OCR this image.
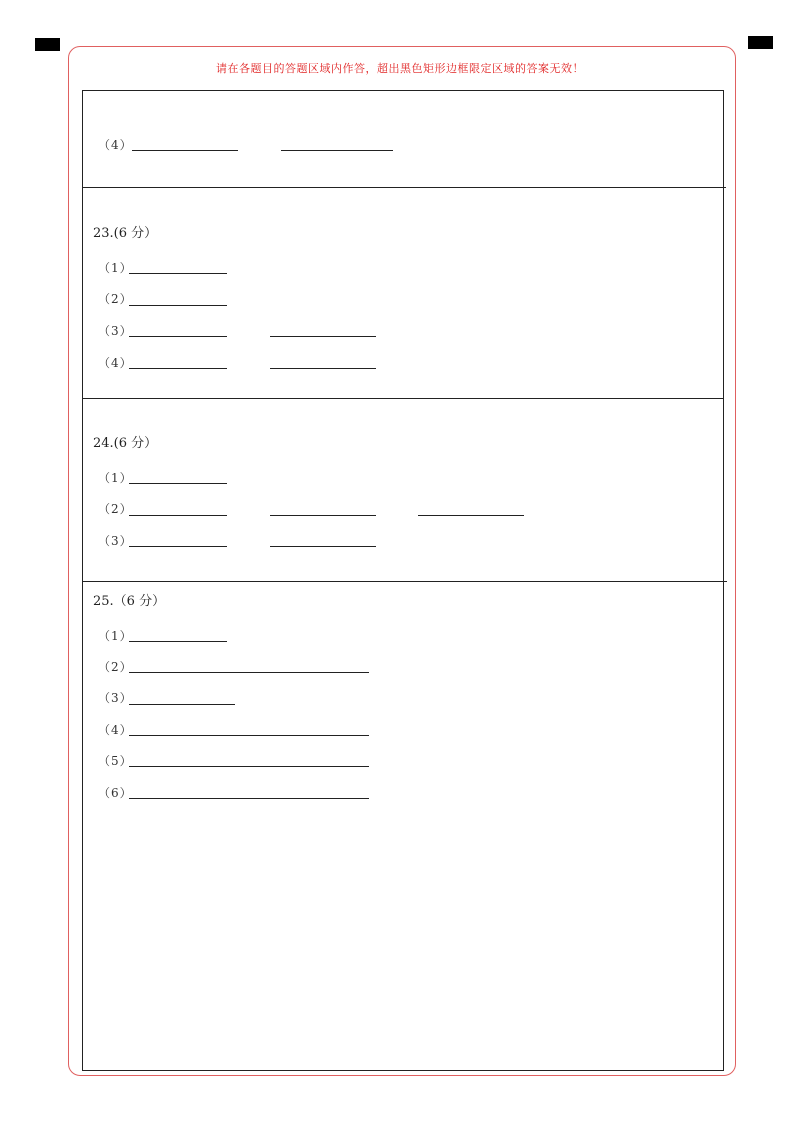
请在各题目的答题区域内作答，超出黑色矩形边框限定区域的答案无效！
（4）
23.(6 分）
（1）
（2）
（3）
（4）
24.(6 分）
（1）
（2）
（3）
25.（6 分）
（1）
（2）
（3）
（4）
（5）
（6）
